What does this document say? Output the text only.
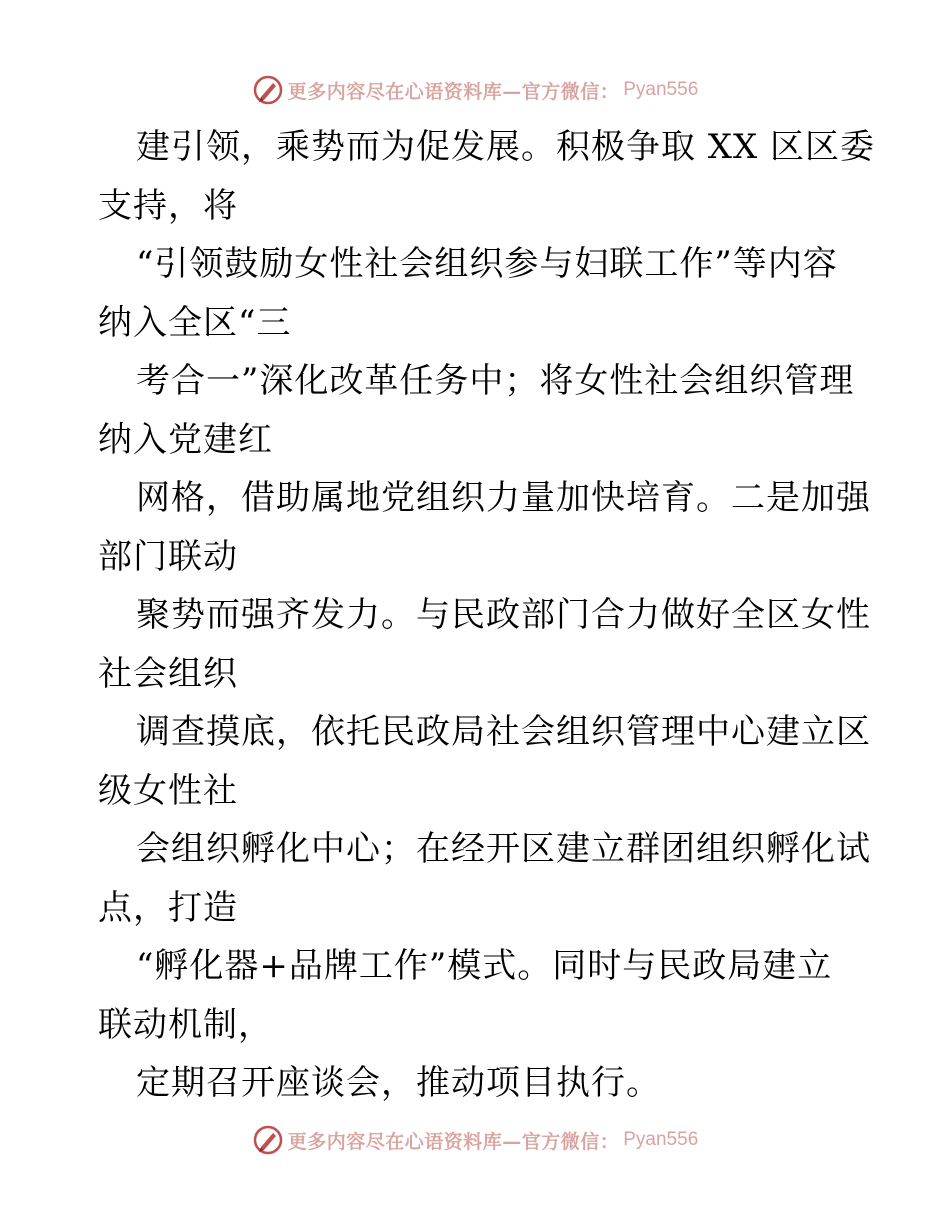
更多内容尽在心语资料库—官方微信： Pyan556
建引领，乘势而为促发展。积极争取 XX 区区委
支持，将
“引领鼓励女性社会组织参与妇联工作”等内容
纳入全区“三
考合一”深化改革任务中；将女性社会组织管理
纳入党建红
网格，借助属地党组织力量加快培育。二是加强
部门联动
聚势而强齐发力。与民政部门合力做好全区女性
社会组织
调查摸底，依托民政局社会组织管理中心建立区
级女性社
会组织孵化中心；在经开区建立群团组织孵化试
点，打造
“孵化器+品牌工作”模式。同时与民政局建立
联动机制，
定期召开座谈会，推动项目执行。
更多内容尽在心语资料库—官方微信： Pyan556
